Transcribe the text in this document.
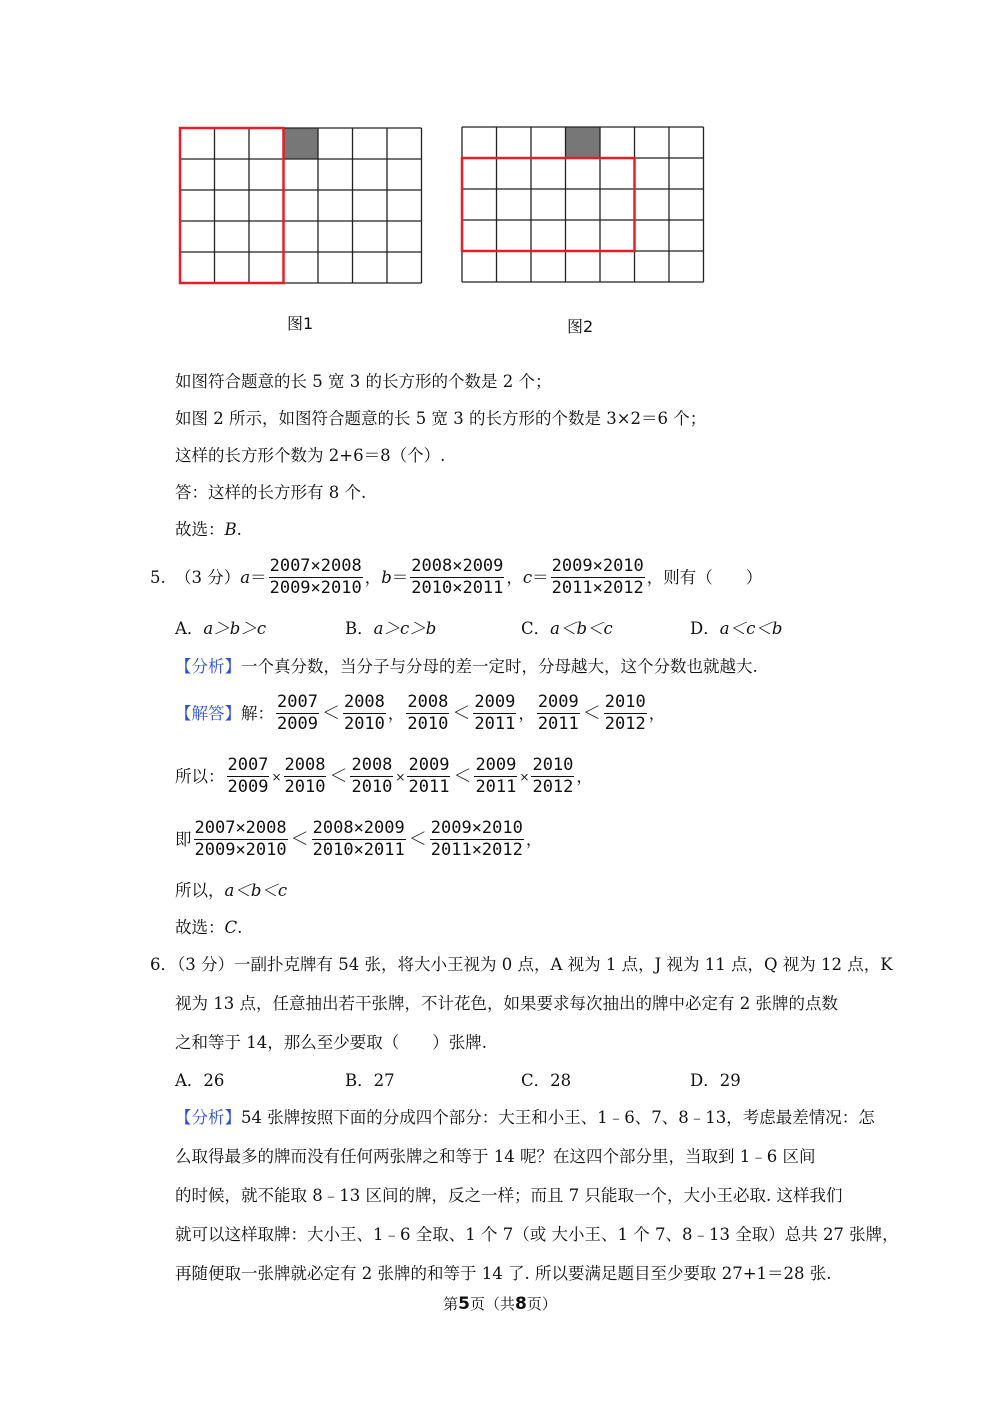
图1	图2
如图符合题意的长 5 宽 3 的长方形的个数是 2 个；
如图 2 所示，如图符合题意的长 5 宽 3 的长方形的个数是 3×2＝6 个；
这样的长方形个数为 2+6＝8（个）.
答：这样的长方形有 8 个.
故选：B.
5. （3 分）$a= \frac{2007\times 2008}{2009\times 2010}$ ，$b= \frac{2008\times 2009}{2010\times 2011}$ ，$c= \frac{2009\times 2010}{2011\times 2012}$ ，则有（　　）
A．a＞b＞c	B．a＞c＞b	C．a＜b＜c	D．a＜c＜b
【分析】一个真分数，当分子与分母的差一定时，分母越大，这个分数也就越大.
【解答】解： $\frac{2007}{2009} < \frac{2008}{2010}$ ， $\frac{2008}{2010} < \frac{2009}{2011}$ ， $\frac{2009}{2011} < \frac{2010}{2012}$ ，
所以： $\frac{2007}{2009} \times \frac{2008}{2010} < \frac{2008}{2010} \times \frac{2009}{2011} < \frac{2009}{2011} \times \frac{2010}{2012}$ ，
即 $\frac{2007\times 2008}{2009\times 2010} < \frac{2008\times 2009}{2010\times 2011} < \frac{2009\times 2010}{2011\times 2012}$ ，
所以，a＜b＜c
故选：C.
6．（3 分）一副扑克牌有 54 张，将大小王视为 0 点，A 视为 1 点，J 视为 11 点，Q 视为 12 点，K
视为 13 点，任意抽出若干张牌，不计花色，如果要求每次抽出的牌中必定有 2 张牌的点数
之和等于 14，那么至少要取（　　）张牌.
A．26	B．27	C．28	D．29
【分析】54 张牌按照下面的分成四个部分：大王和小王、1﹣6、7、8﹣13，考虑最差情况：怎
么取得最多的牌而没有任何两张牌之和等于 14 呢？在这四个部分里，当取到 1﹣6 区间
的时候，就不能取 8﹣13 区间的牌，反之一样；而且 7 只能取一个，大小王必取. 这样我们
就可以这样取牌：大小王、1﹣6 全取、1 个 7（或 大小王、1 个 7、8﹣13 全取）总共 27 张牌，
再随便取一张牌就必定有 2 张牌的和等于 14 了. 所以要满足题目至少要取 27+1＝28 张.
第5页（共8页）
